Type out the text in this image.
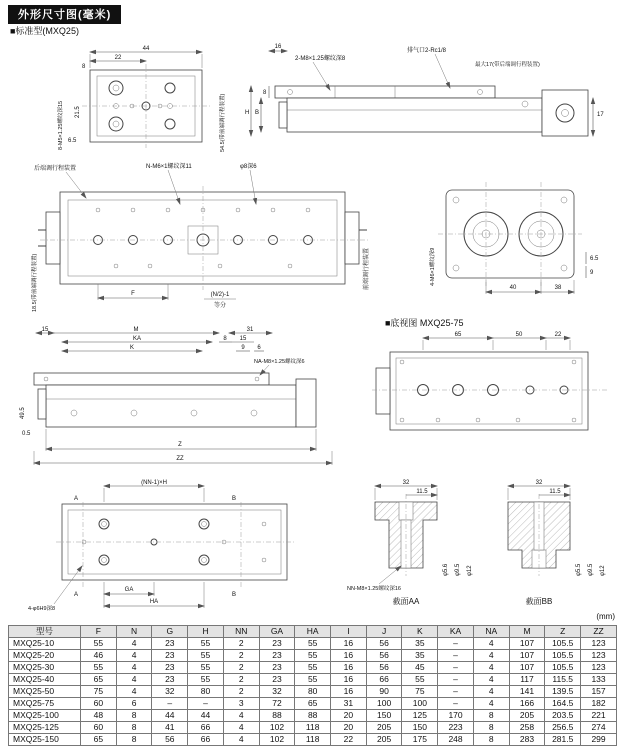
外形尺寸图(毫米)
■标准型(MXQ25)
44
22
8
21.5
6.5
8-M5×1.25螺纹深15	54.5(带前端调行程装置)
16
2-M8×1.25螺纹深8
排气口2-Rc1/8
最大17(带后端调行程装置)
8
B
H	17
后端调行程装置	N-M6×1螺纹深11	φ8深6
前端调行程装置
18.5(带前端调行程装置)	F	(N/2)-1
等分
40	38
6.5
9
4-M6×1螺纹深9
15	M	31
KA	8 15
K	9 6
NA-M8×1.25螺纹深6
49.5
0.5
Z
ZZ
■底视图 MXQ25-75
65	50	22
(NN-1)×H
A
A
B
B
GA
HA
4-φ6H9深8
32
11.5
φ5.6 φ9.5 φ12
NN-M8×1.25螺纹深16
截面AA
32
11.5
φ5.5 φ9.5 φ12
截面BB
(mm)
型号	F	N	G	H	NN	GA	HA	I	J	K	KA	NA	M	Z	ZZ
MXQ25-10	55	4	23	55	2	23	55	16	56	35	–	4	107	105.5	123
MXQ25-20	46	4	23	55	2	23	55	16	56	35	–	4	107	105.5	123
MXQ25-30	55	4	23	55	2	23	55	16	56	45	–	4	107	105.5	123
MXQ25-40	65	4	23	55	2	23	55	16	66	55	–	4	117	115.5	133
MXQ25-50	75	4	32	80	2	32	80	16	90	75	–	4	141	139.5	157
MXQ25-75	60	6	–	–	3	72	65	31	100	100	–	4	166	164.5	182
MXQ25-100	48	8	44	44	4	88	88	20	150	125	170	8	205	203.5	221
MXQ25-125	60	8	41	66	4	102	118	20	205	150	223	8	258	256.5	274
MXQ25-150	65	8	56	66	4	102	118	22	205	175	248	8	283	281.5	299
